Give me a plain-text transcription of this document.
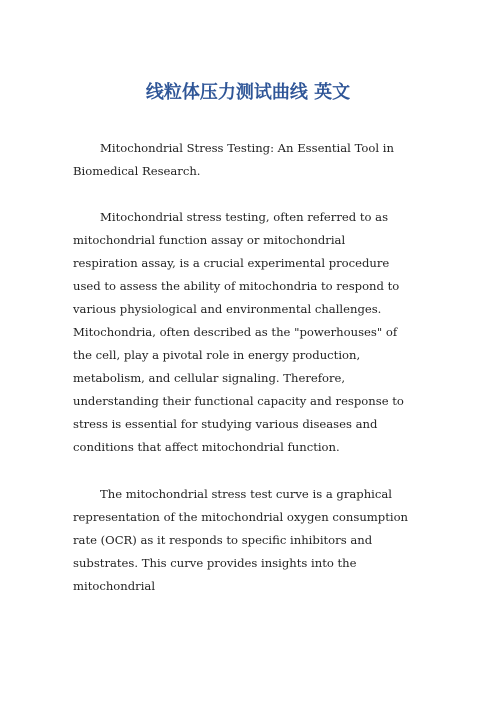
线粒体压力测试曲线 英文

Mitochondrial Stress Testing: An Essential Tool in Biomedical Research.

Mitochondrial stress testing, often referred to as mitochondrial function assay or mitochondrial respiration assay, is a crucial experimental procedure used to assess the ability of mitochondria to respond to various physiological and environmental challenges. Mitochondria, often described as the "powerhouses" of the cell, play a pivotal role in energy production, metabolism, and cellular signaling. Therefore, understanding their functional capacity and response to stress is essential for studying various diseases and conditions that affect mitochondrial function.

The mitochondrial stress test curve is a graphical representation of the mitochondrial oxygen consumption rate (OCR) as it responds to specific inhibitors and substrates. This curve provides insights into the mitochondrial
